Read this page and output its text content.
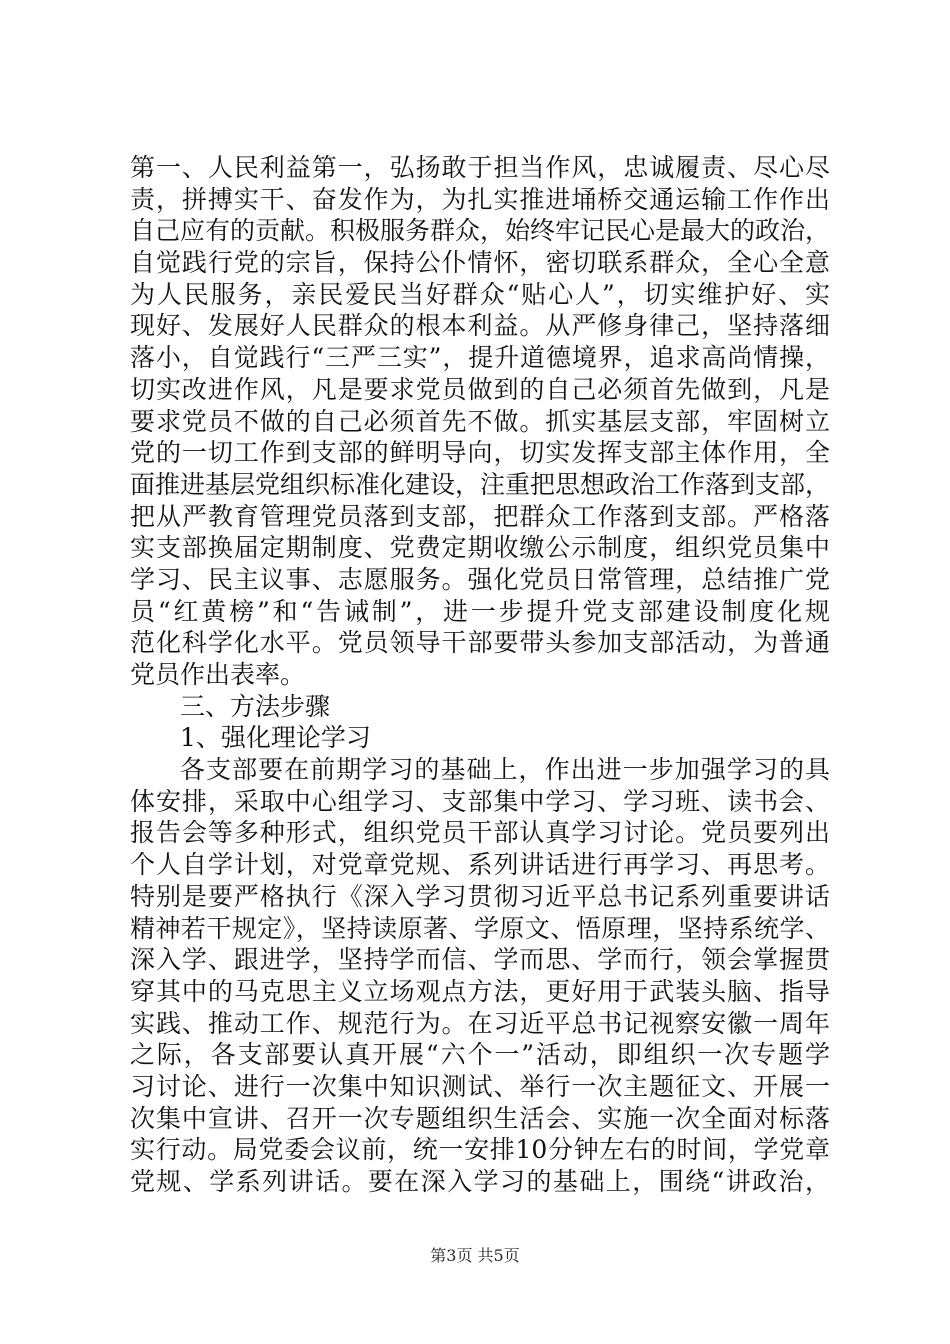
第一、人民利益第一，弘扬敢于担当作风，忠诚履责、尽心尽
责，拼搏实干、奋发作为，为扎实推进埇桥交通运输工作作出
自己应有的贡献。积极服务群众，始终牢记民心是最大的政治，
自觉践行党的宗旨，保持公仆情怀，密切联系群众，全心全意
为人民服务，亲民爱民当好群众“贴心人”，切实维护好、实
现好、发展好人民群众的根本利益。从严修身律己，坚持落细
落小，自觉践行“三严三实”，提升道德境界，追求高尚情操，
切实改进作风，凡是要求党员做到的自己必须首先做到，凡是
要求党员不做的自己必须首先不做。抓实基层支部，牢固树立
党的一切工作到支部的鲜明导向，切实发挥支部主体作用，全
面推进基层党组织标准化建设，注重把思想政治工作落到支部，
把从严教育管理党员落到支部，把群众工作落到支部。严格落
实支部换届定期制度、党费定期收缴公示制度，组织党员集中
学习、民主议事、志愿服务。强化党员日常管理，总结推广党
员“红黄榜”和“告诫制”，进一步提升党支部建设制度化规
范化科学化水平。党员领导干部要带头参加支部活动，为普通
党员作出表率。
三、方法步骤
1、强化理论学习
各支部要在前期学习的基础上，作出进一步加强学习的具
体安排，采取中心组学习、支部集中学习、学习班、读书会、
报告会等多种形式，组织党员干部认真学习讨论。党员要列出
个人自学计划，对党章党规、系列讲话进行再学习、再思考。
特别是要严格执行《深入学习贯彻习近平总书记系列重要讲话
精神若干规定》，坚持读原著、学原文、悟原理，坚持系统学、
深入学、跟进学，坚持学而信、学而思、学而行，领会掌握贯
穿其中的马克思主义立场观点方法，更好用于武装头脑、指导
实践、推动工作、规范行为。在习近平总书记视察安徽一周年
之际，各支部要认真开展“六个一”活动，即组织一次专题学
习讨论、进行一次集中知识测试、举行一次主题征文、开展一
次集中宣讲、召开一次专题组织生活会、实施一次全面对标落
实行动。局党委会议前，统一安排10分钟左右的时间，学党章
党规、学系列讲话。要在深入学习的基础上，围绕“讲政治，
第3页 共5页
